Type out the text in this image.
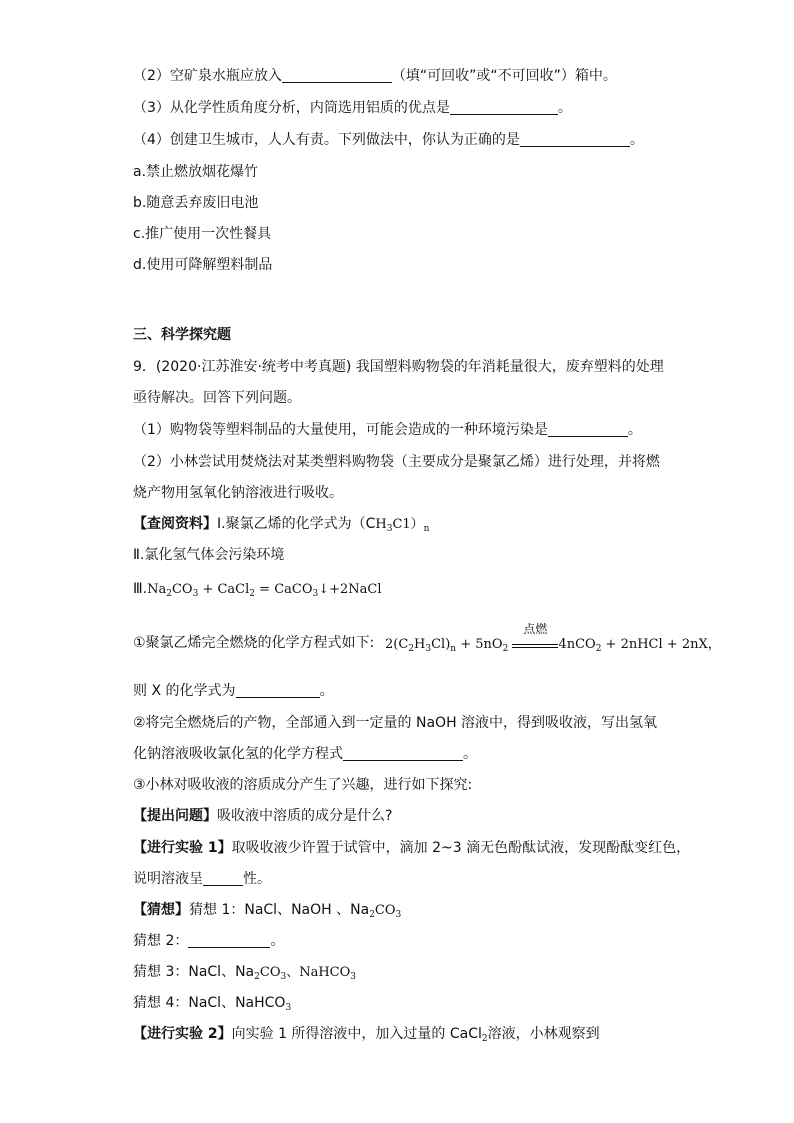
（2）空矿泉水瓶应放入	（填“可回收”或“不可回收”）箱中。
（3）从化学性质角度分析，内筒选用铝质的优点是	。
（4）创建卫生城市，人人有责。下列做法中，你认为正确的是	。
a.禁止燃放烟花爆竹
b.随意丢弃废旧电池
c.推广使用一次性餐具
d.使用可降解塑料制品
三、科学探究题
9．(2020·江苏淮安·统考中考真题) 我国塑料购物袋的年消耗量很大，废弃塑料的处理
亟待解决。回答下列问题。
（1）购物袋等塑料制品的大量使用，可能会造成的一种环境污染是	。
（2）小林尝试用焚烧法对某类塑料购物袋（主要成分是聚氯乙烯）进行处理，并将燃
烧产物用氢氧化钠溶液进行吸收。
【查阅资料】Ⅰ.聚氯乙烯的化学式为$(CH_3C1)_n$
Ⅱ.氯化氢气体会污染环境
$Ⅲ.Na_2CO_3$ + CaCl$_2$ = CaCO$_3$↓+2NaCl
①聚氯乙烯完全燃烧的化学方程式如下: $2(C_2H_3Cl)_n + 5nO_2$
点燃
4nCO$_2$ + 2nHCl + 2nX，
则 X 的化学式为	。
②将完全燃烧后的产物，全部通入到一定量的 NaOH 溶液中，得到吸收液，写出氢氧
化钠溶液吸收氯化氢的化学方程式	。
③小林对吸收液的溶质成分产生了兴趣，进行如下探究:
【提出问题】吸收液中溶质的成分是什么?
【进行实验 1】取吸收液少许置于试管中，滴加 2~3 滴无色酚酞试液，发现酚酞变红色，
说明溶液呈	性。
【猜想】猜想 1：NaCl、NaOH 、$Na_2CO_3$
猜想 2：	。
猜想 3：NaCl、$Na_2CO_3$、NaHCO$_3$
猜想 4：NaCl、NaHCO$_3$
【进行实验 2】向实验 1 所得溶液中，加入过量的 CaCl$_2$溶液，小林观察到
